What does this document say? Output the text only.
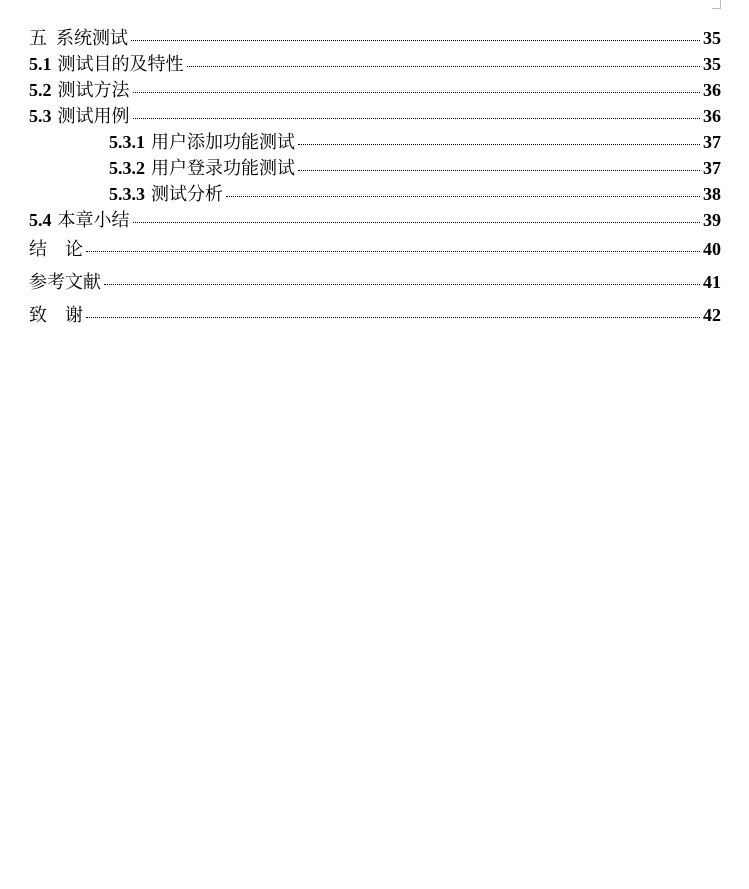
五  系统测试	35
5.1 测试目的及特性	35
5.2 测试方法	36
5.3 测试用例	36
5.3.1 用户添加功能测试	37
5.3.2 用户登录功能测试	37
5.3.3 测试分析	38
5.4 本章小结	39
结    论	40
参考文献	41
致    谢	42
